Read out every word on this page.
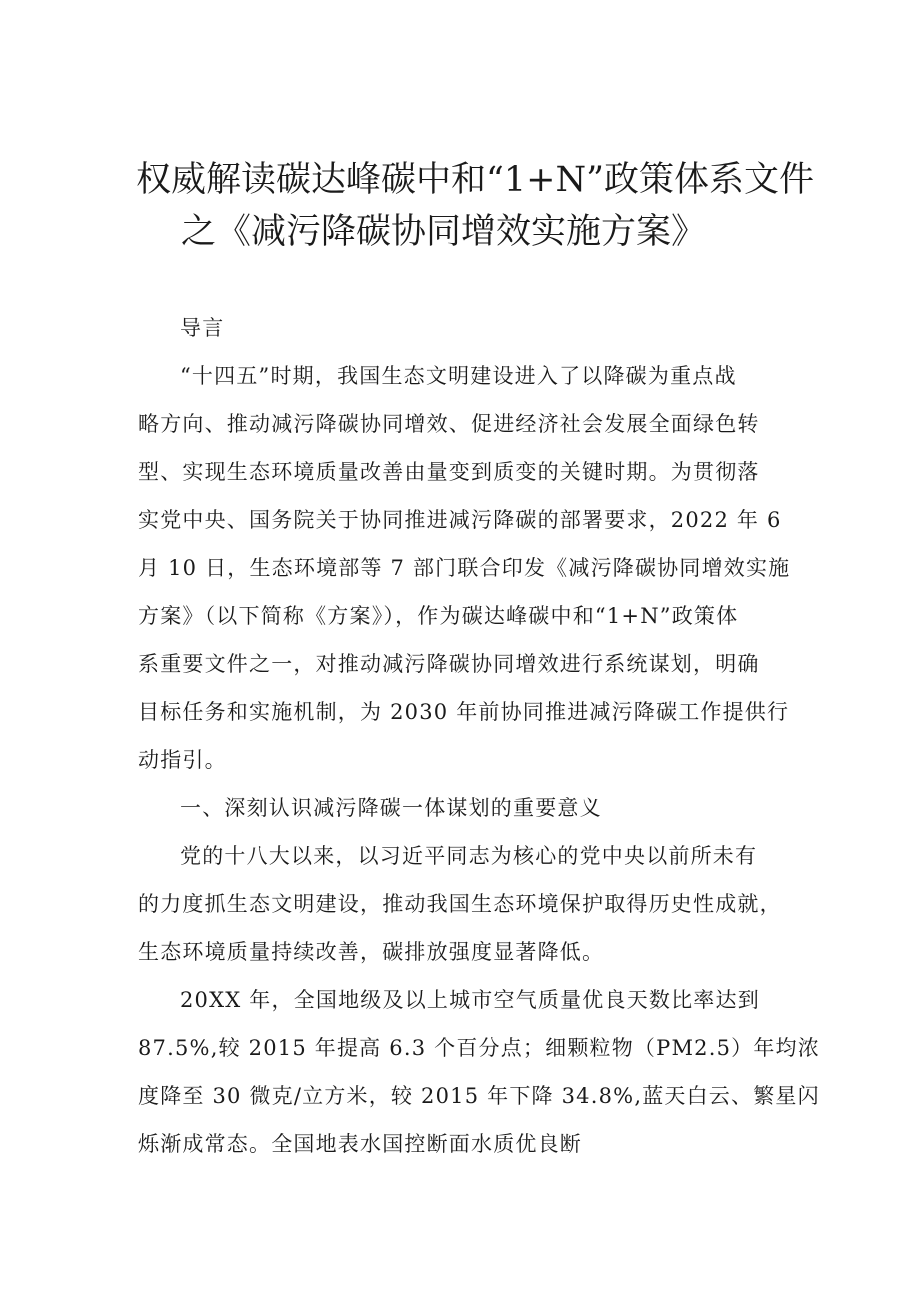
权威解读碳达峰碳中和“1+N”政策体系文件
之《减污降碳协同增效实施方案》
导言
“十四五”时期，我国生态文明建设进入了以降碳为重点战
略方向、推动减污降碳协同增效、促进经济社会发展全面绿色转
型、实现生态环境质量改善由量变到质变的关键时期。为贯彻落
实党中央、国务院关于协同推进减污降碳的部署要求，2022 年 6
月 10 日，生态环境部等 7 部门联合印发《减污降碳协同增效实施
方案》（以下简称《方案》），作为碳达峰碳中和“1+N”政策体
系重要文件之一，对推动减污降碳协同增效进行系统谋划，明确
目标任务和实施机制，为 2030 年前协同推进减污降碳工作提供行
动指引。
一、深刻认识减污降碳一体谋划的重要意义
党的十八大以来，以习近平同志为核心的党中央以前所未有
的力度抓生态文明建设，推动我国生态环境保护取得历史性成就，
生态环境质量持续改善，碳排放强度显著降低。
20XX 年，全国地级及以上城市空气质量优良天数比率达到
87.5%,较 2015 年提高 6.3 个百分点；细颗粒物（PM2.5）年均浓
度降至 30 微克/立方米，较 2015 年下降 34.8%,蓝天白云、繁星闪
烁渐成常态。全国地表水国控断面水质优良断
